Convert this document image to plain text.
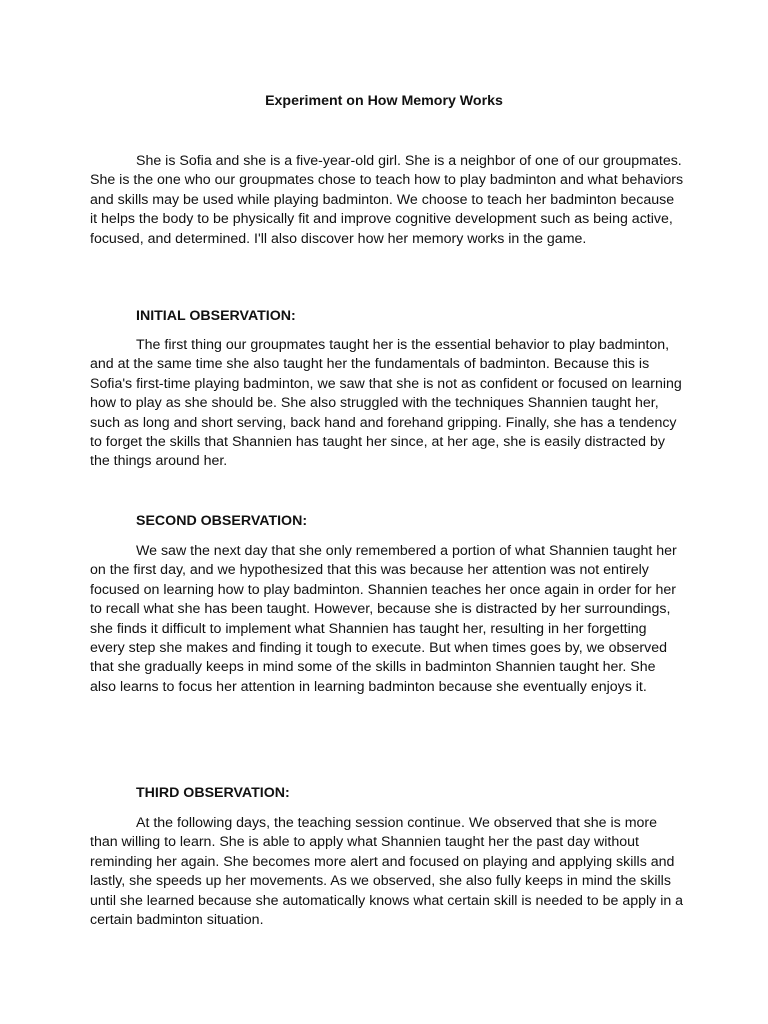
Experiment on How Memory Works

She is Sofia and she is a five-year-old girl. She is a neighbor of one of our groupmates. She is the one who our groupmates chose to teach how to play badminton and what behaviors and skills may be used while playing badminton. We choose to teach her badminton because it helps the body to be physically fit and improve cognitive development such as being active, focused, and determined. I'll also discover how her memory works in the game.

INITIAL OBSERVATION:

The first thing our groupmates taught her is the essential behavior to play badminton, and at the same time she also taught her the fundamentals of badminton. Because this is Sofia's first-time playing badminton, we saw that she is not as confident or focused on learning how to play as she should be. She also struggled with the techniques Shannien taught her, such as long and short serving, back hand and forehand gripping. Finally, she has a tendency to forget the skills that Shannien has taught her since, at her age, she is easily distracted by the things around her.

SECOND OBSERVATION:

We saw the next day that she only remembered a portion of what Shannien taught her on the first day, and we hypothesized that this was because her attention was not entirely focused on learning how to play badminton. Shannien teaches her once again in order for her to recall what she has been taught. However, because she is distracted by her surroundings, she finds it difficult to implement what Shannien has taught her, resulting in her forgetting every step she makes and finding it tough to execute. But when times goes by, we observed that she gradually keeps in mind some of the skills in badminton Shannien taught her. She also learns to focus her attention in learning badminton because she eventually enjoys it.

THIRD OBSERVATION:

At the following days, the teaching session continue. We observed that she is more than willing to learn. She is able to apply what Shannien taught her the past day without reminding her again. She becomes more alert and focused on playing and applying skills and lastly, she speeds up her movements. As we observed, she also fully keeps in mind the skills until she learned because she automatically knows what certain skill is needed to be apply in a certain badminton situation.
